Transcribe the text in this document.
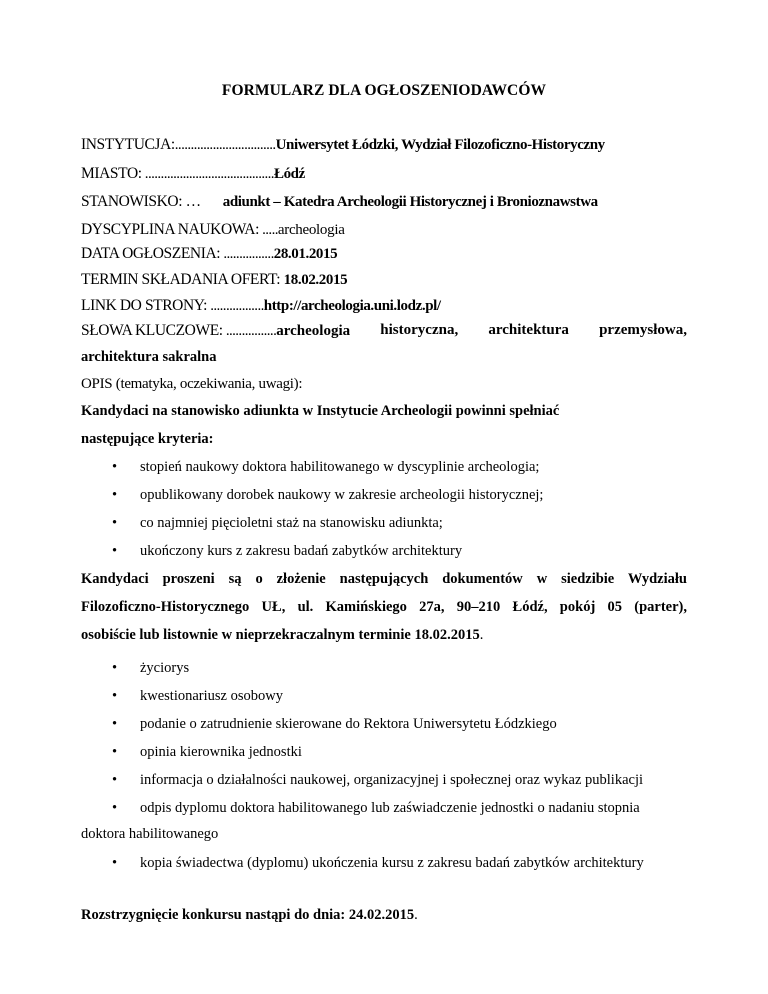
FORMULARZ DLA OGŁOSZENIODAWCÓW
INSTYTUCJA:................................Uniwersytet Łódzki, Wydział Filozoficzno-Historyczny
MIASTO: .........................................Łódź
STANOWISKO: … adiunkt – Katedra Archeologii Historycznej i Bronioznawstwa
DYSCYPLINA NAUKOWA: .....archeologia
DATA OGŁOSZENIA: ................28.01.2015
TERMIN SKŁADANIA OFERT: 18.02.2015
LINK DO STRONY: .................http://archeologia.uni.lodz.pl/
SŁOWA KLUCZOWE: ................archeologia historyczna, architektura przemysłowa,
architektura sakralna
OPIS (tematyka, oczekiwania, uwagi):
Kandydaci na stanowisko adiunkta w Instytucie Archeologii powinni spełniać
następujące kryteria:
• stopień naukowy doktora habilitowanego w dyscyplinie archeologia;
• opublikowany dorobek naukowy w zakresie archeologii historycznej;
• co najmniej pięcioletni staż na stanowisku adiunkta;
• ukończony kurs z zakresu badań zabytków architektury
Kandydaci proszeni są o złożenie następujących dokumentów w siedzibie Wydziału
Filozoficzno-Historycznego UŁ, ul. Kamińskiego 27a, 90–210 Łódź, pokój 05 (parter),
osobiście lub listownie w nieprzekraczalnym terminie 18.02.2015.
• życiorys
• kwestionariusz osobowy
• podanie o zatrudnienie skierowane do Rektora Uniwersytetu Łódzkiego
• opinia kierownika jednostki
• informacja o działalności naukowej, organizacyjnej i społecznej oraz wykaz publikacji
• odpis dyplomu doktora habilitowanego lub zaświadczenie jednostki o nadaniu stopnia
doktora habilitowanego
• kopia świadectwa (dyplomu) ukończenia kursu z zakresu badań zabytków architektury
Rozstrzygnięcie konkursu nastąpi do dnia: 24.02.2015.
